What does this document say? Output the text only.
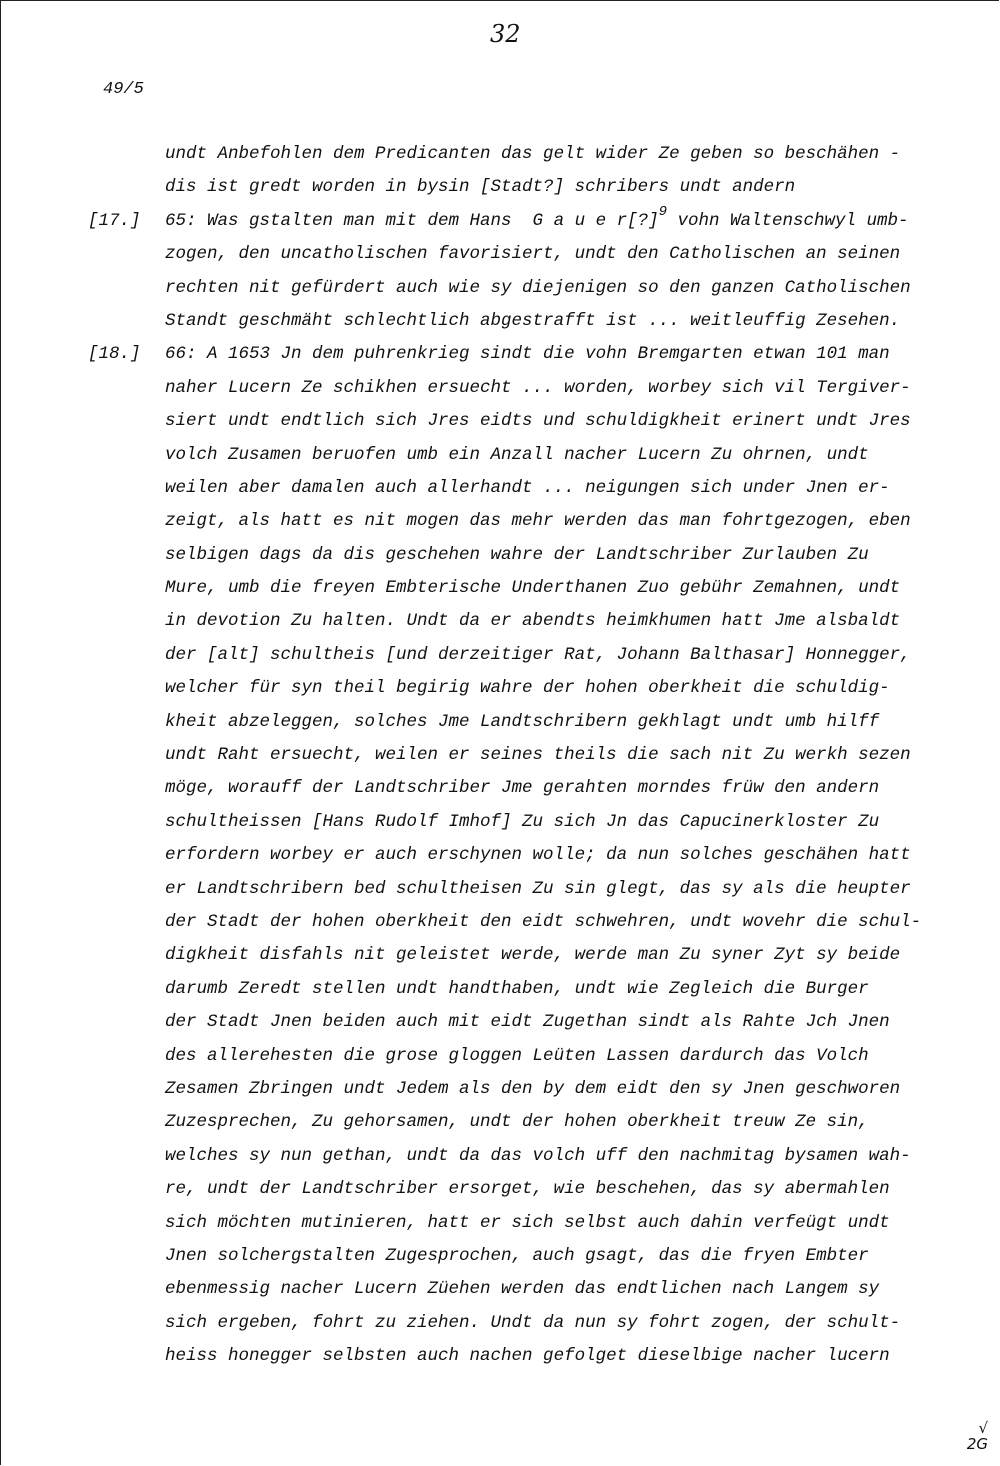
32
49/5
undt Anbefohlen dem Predicanten das gelt wider Ze geben so beschähen -
dis ist gredt worden in bysin [Stadt?] schribers undt andern
[17.] 65: Was gstalten man mit dem Hans  G a u e r[?]$^9$ vohn Waltenschwyl umb-
zogen, den uncatholischen favorisiert, undt den Catholischen an seinen
rechten nit gefürdert auch wie sy diejenigen so den ganzen Catholischen
Standt geschmäht schlechtlich abgestrafft ist ... weitleuffig Zesehen.
[18.] 66: A 1653 Jn dem puhrenkrieg sindt die vohn Bremgarten etwan 101 man
naher Lucern Ze schikhen ersuecht ... worden, worbey sich vil Tergiver-
siert undt endtlich sich Jres eidts und schuldigkheit erinert undt Jres
volch Zusamen beruofen umb ein Anzall nacher Lucern Zu ohrnen, undt
weilen aber damalen auch allerhandt ... neigungen sich under Jnen er-
zeigt, als hatt es nit mogen das mehr werden das man fohrtgezogen, eben
selbigen dags da dis geschehen wahre der Landtschriber Zurlauben Zu
Mure, umb die freyen Embterische Underthanen Zuo gebühr Zemahnen, undt
in devotion Zu halten. Undt da er abendts heimkhumen hatt Jme alsbaldt
der [alt] schultheis [und derzeitiger Rat, Johann Balthasar] Honnegger,
welcher für syn theil begirig wahre der hohen oberkheit die schuldig-
kheit abzeleggen, solches Jme Landtschribern gekhlagt undt umb hilff
undt Raht ersuecht, weilen er seines theils die sach nit Zu werkh sezen
möge, worauff der Landtschriber Jme gerahten morndes früw den andern
schultheissen [Hans Rudolf Imhof] Zu sich Jn das Capucinerkloster Zu
erfordern worbey er auch erschynen wolle; da nun solches geschähen hatt
er Landtschribern bed schultheisen Zu sin glegt, das sy als die heupter
der Stadt der hohen oberkheit den eidt schwehren, undt wovehr die schul-
digkheit disfahls nit geleistet werde, werde man Zu syner Zyt sy beide
darumb Zeredt stellen undt handthaben, undt wie Zegleich die Burger
der Stadt Jnen beiden auch mit eidt Zugethan sindt als Rahte Jch Jnen
des allerehesten die grose gloggen Leüten Lassen dardurch das Volch
Zesamen Zbringen undt Jedem als den by dem eidt den sy Jnen geschworen
Zuzesprechen, Zu gehorsamen, undt der hohen oberkheit treuw Ze sin,
welches sy nun gethan, undt da das volch uff den nachmitag bysamen wah-
re, undt der Landtschriber ersorget, wie beschehen, das sy abermahlen
sich möchten mutinieren, hatt er sich selbst auch dahin verfeügt undt
Jnen solchergstalten Zugesprochen, auch gsagt, das die fryen Embter
ebenmessig nacher Lucern Züehen werden das endtlichen nach Langem sy
sich ergeben, fohrt zu ziehen. Undt da nun sy fohrt zogen, der schult-
heiss honegger selbsten auch nachen gefolget dieselbige nacher lucern
√
2G
